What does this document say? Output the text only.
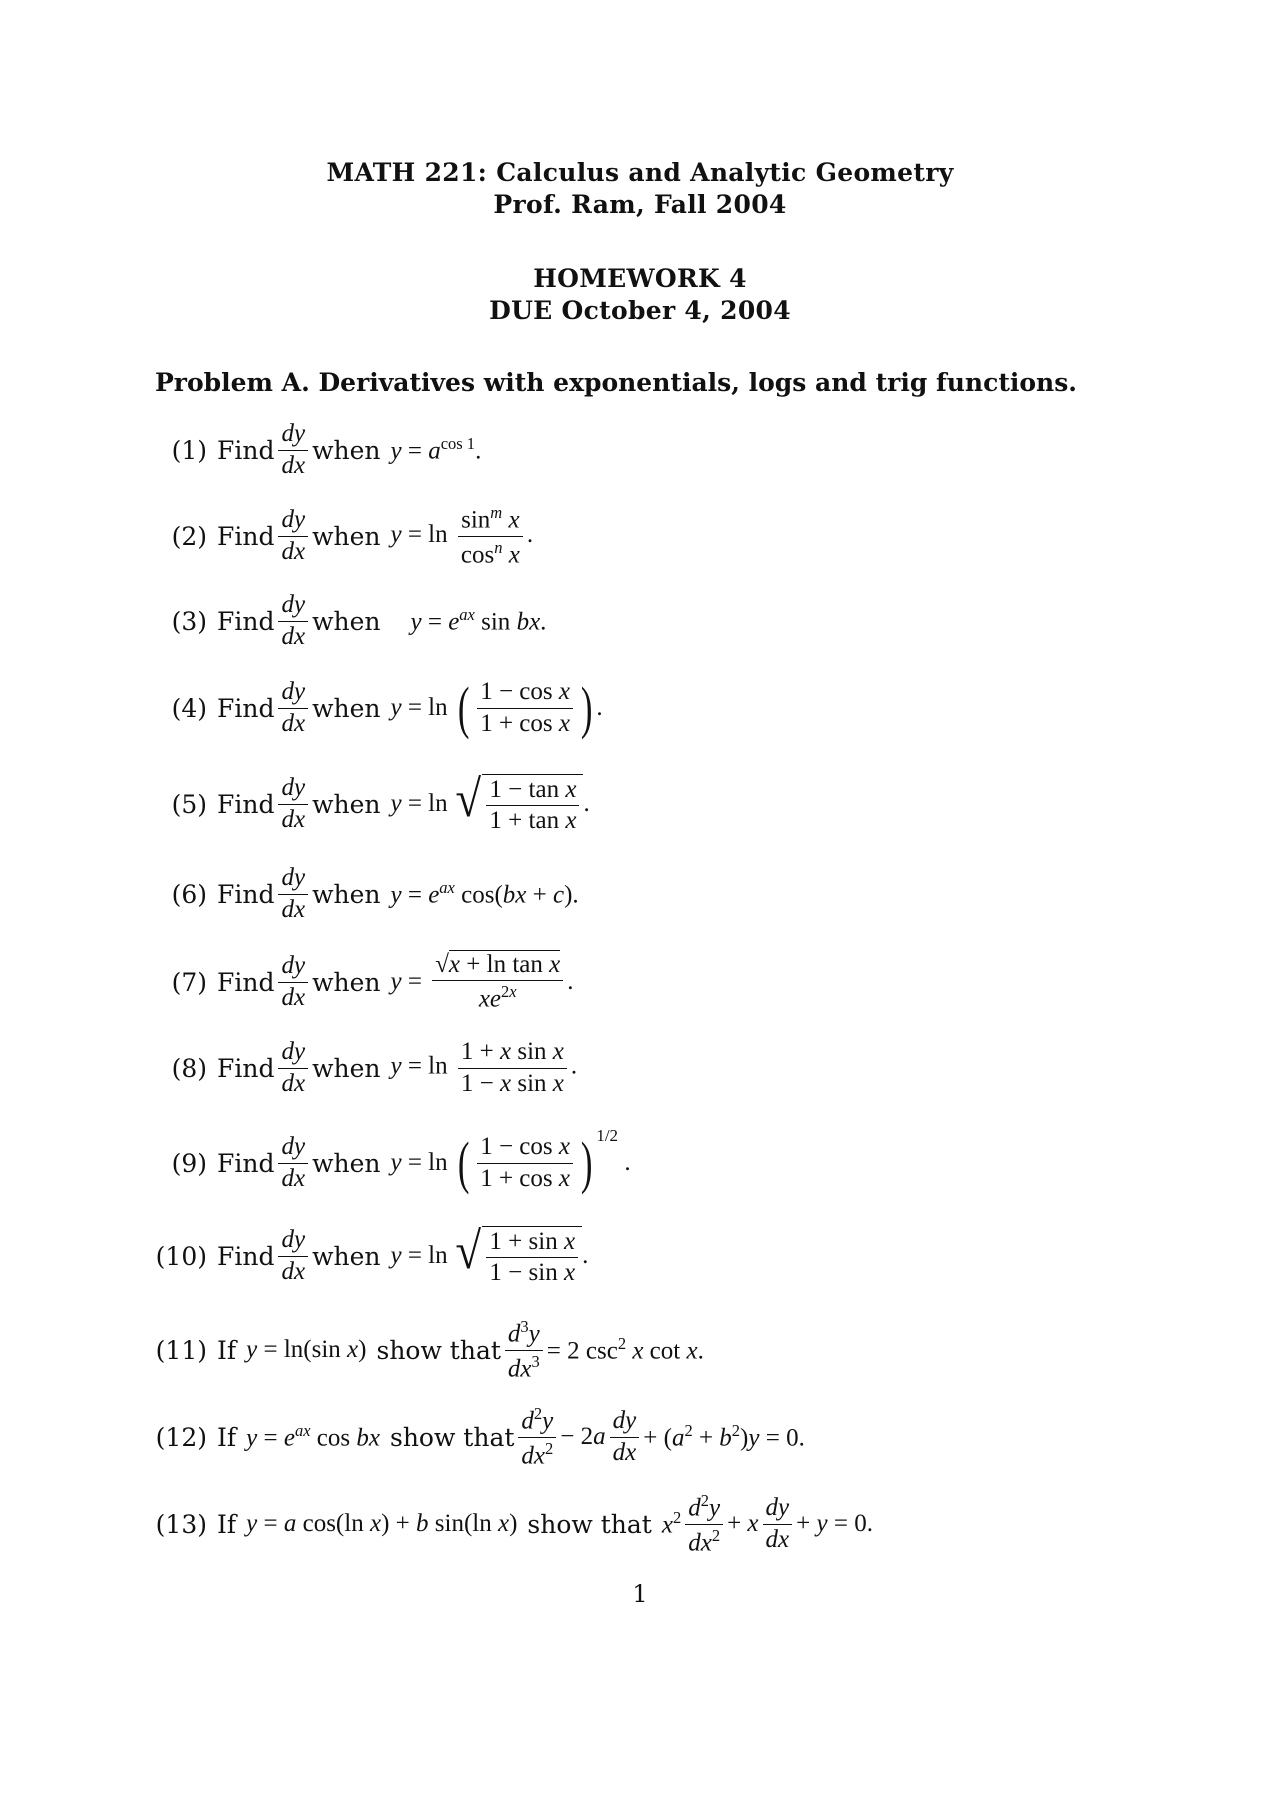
MATH 221: Calculus and Analytic Geometry
Prof. Ram, Fall 2004
HOMEWORK 4
DUE October 4, 2004
Problem A. Derivatives with exponentials, logs and trig functions.
(1) Find $\frac{dy}{dx}$ when $y = a^{cos 1}$.
(2) Find $\frac{dy}{dx}$ when $y = \ln \frac{\sin^m x}{\cos^n x}$ .
(3) Find $\frac{dy}{dx}$ when $y = e^{ax}$ sin bx.
(4) Find $\frac{dy}{dx}$ when y = ln ( $\frac{\text{1 − cos x}}{\text{1 + cos x}}$ ) .
(5) Find $\frac{dy}{dx}$ when y = ln √ $\frac{\text{1 − tan x}}{\text{1 + tan x}}$ .
(6) Find $\frac{dy}{dx}$ when $y = e^{ax}$ cos(bx + c).
(7) Find $\frac{dy}{dx}$ when $y = \frac{\text{√x + ln tan x}}{xe^{2x}}$ .
(8) Find $\frac{dy}{dx}$ when $y = \ln \frac{\text{1 + x sin x}}{\text{1 − x sin x}}$ .
(9) Find $\frac{dy}{dx}$ when y = ln ( $\frac{\text{1 − cos x}}{\text{1 + cos x}}$ ) 1/2
.
(10) Find $\frac{dy}{dx}$ when y = ln √ $\frac{\text{1 + sin x}}{\text{1 − sin x}}$ .
(11) If y = ln(sin x) show that $\frac{d^3y}{dx^3} = 2$ $\csc^2 x$ cot x.
(12) If $y = e^{ax}$ cos bx show that $\frac{d^2y}{dx^2} - 2a \frac{dy}{dx} + (a^2 + b^2)y = 0$.
(13) If y = a cos(ln x) + b sin(ln x) show that $x^2 \frac{d^2y}{dx^2} + x \frac{dy}{dx} + y = 0$.
1
